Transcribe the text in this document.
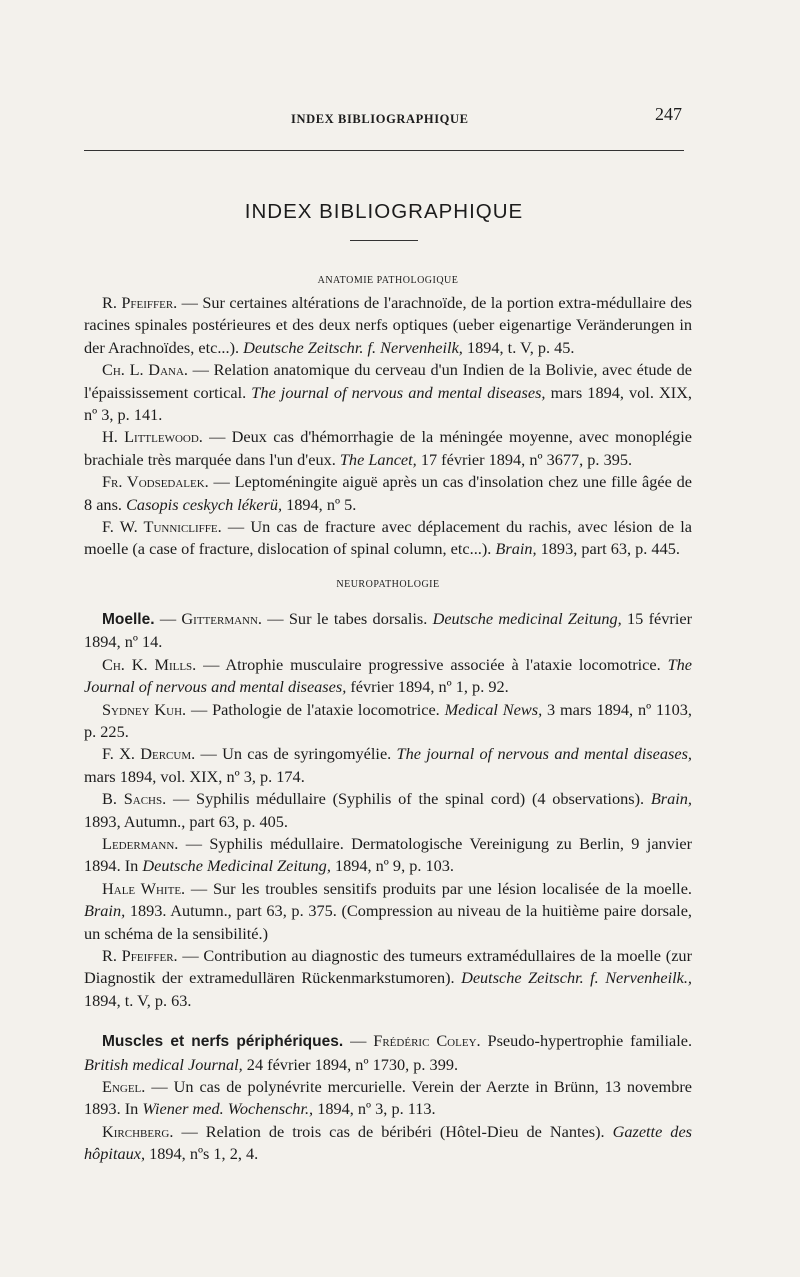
INDEX BIBLIOGRAPHIQUE	247
INDEX BIBLIOGRAPHIQUE
ANATOMIE PATHOLOGIQUE

R. Pfeiffer. — Sur certaines altérations de l'arachnoïde, de la portion extra-médullaire des racines spinales postérieures et des deux nerfs optiques (ueber eigenartige Veränderungen in der Arachnoïdes, etc...). Deutsche Zeitschr. f. Nervenheilk, 1894, t. V, p. 45.

Ch. L. Dana. — Relation anatomique du cerveau d'un Indien de la Bolivie, avec étude de l'épaississement cortical. The journal of nervous and mental diseases, mars 1894, vol. XIX, nº 3, p. 141.

H. Littlewood. — Deux cas d'hémorrhagie de la méningée moyenne, avec monoplégie brachiale très marquée dans l'un d'eux. The Lancet, 17 février 1894, nº 3677, p. 395.

Fr. Vodsedalek. — Leptoméningite aiguë après un cas d'insolation chez une fille âgée de 8 ans. Casopis ceskych lékerü, 1894, nº 5.

F. W. Tunnicliffe. — Un cas de fracture avec déplacement du rachis, avec lésion de la moelle (a case of fracture, dislocation of spinal column, etc...). Brain, 1893, part 63, p. 445.

NEUROPATHOLOGIE

Moelle. — Gittermann. — Sur le tabes dorsalis. Deutsche medicinal Zeitung, 15 février 1894, nº 14.

Ch. K. Mills. — Atrophie musculaire progressive associée à l'ataxie locomotrice. The Journal of nervous and mental diseases, février 1894, nº 1, p. 92.

Sydney Kuh. — Pathologie de l'ataxie locomotrice. Medical News, 3 mars 1894, nº 1103, p. 225.

F. X. Dercum. — Un cas de syringomyélie. The journal of nervous and mental diseases, mars 1894, vol. XIX, nº 3, p. 174.

B. Sachs. — Syphilis médullaire (Syphilis of the spinal cord) (4 observations). Brain, 1893, Autumn., part 63, p. 405.

Ledermann. — Syphilis médullaire. Dermatologische Vereinigung zu Berlin, 9 janvier 1894. In Deutsche Medicinal Zeitung, 1894, nº 9, p. 103.

Hale White. — Sur les troubles sensitifs produits par une lésion localisée de la moelle. Brain, 1893. Autumn., part 63, p. 375. (Compression au niveau de la huitième paire dorsale, un schéma de la sensibilité.)

R. Pfeiffer. — Contribution au diagnostic des tumeurs extramédullaires de la moelle (zur Diagnostik der extramedullären Rückenmarkstumoren). Deutsche Zeitschr. f. Nervenheilk., 1894, t. V, p. 63.

Muscles et nerfs périphériques. — Frédéric Coley. Pseudo-hypertrophie familiale. British medical Journal, 24 février 1894, nº 1730, p. 399.

Engel. — Un cas de polynévrite mercurielle. Verein der Aerzte in Brünn, 13 novembre 1893. In Wiener med. Wochenschr., 1894, nº 3, p. 113.

Kirchberg. — Relation de trois cas de béribéri (Hôtel-Dieu de Nantes). Gazette des hôpitaux, 1894, nºs 1, 2, 4.
